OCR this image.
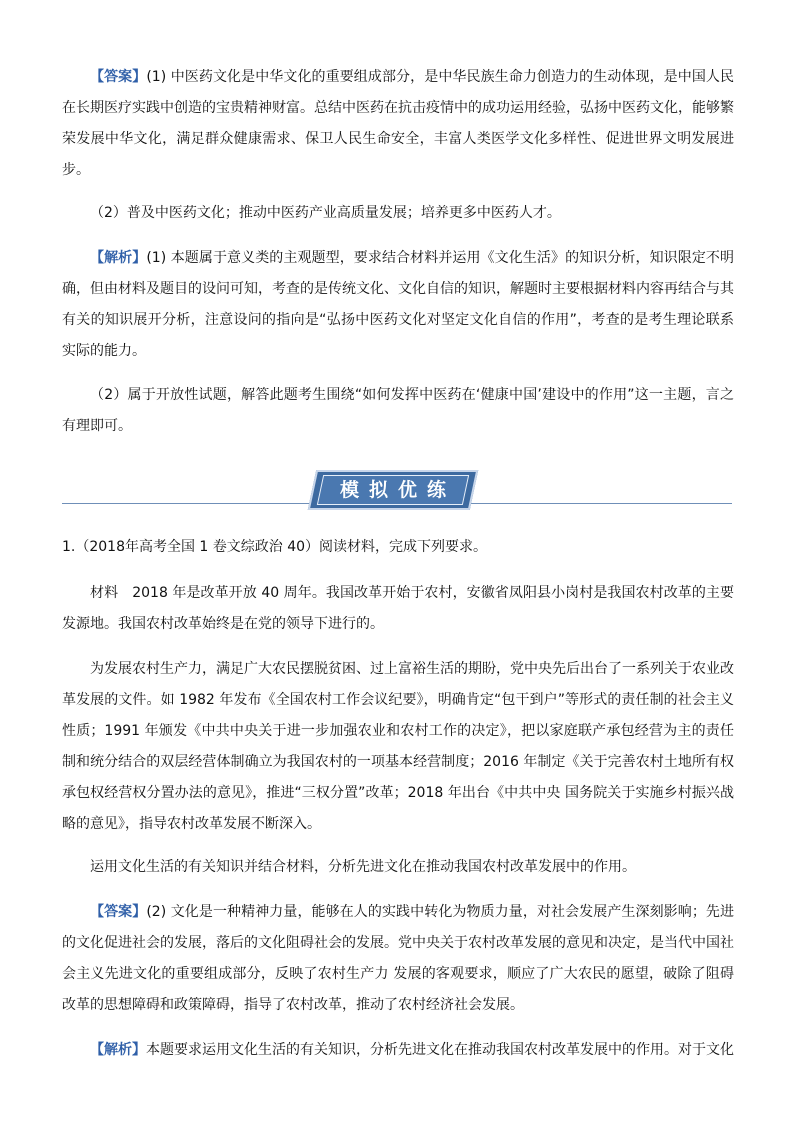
【答案】(1) 中医药文化是中华文化的重要组成部分，是中华民族生命力创造力的生动体现，是中国人民在长期医疗实践中创造的宝贵精神财富。总结中医药在抗击疫情中的成功运用经验，弘扬中医药文化，能够繁荣发展中华文化，满足群众健康需求、保卫人民生命安全，丰富人类医学文化多样性、促进世界文明发展进步。

（2）普及中医药文化；推动中医药产业高质量发展；培养更多中医药人才。

【解析】(1) 本题属于意义类的主观题型，要求结合材料并运用《文化生活》的知识分析，知识限定不明确，但由材料及题目的设问可知，考查的是传统文化、文化自信的知识，解题时主要根据材料内容再结合与其有关的知识展开分析，注意设问的指向是“弘扬中医药文化对坚定文化自信的作用”，考查的是考生理论联系实际的能力。

（2）属于开放性试题，解答此题考生围绕“如何发挥中医药在‘健康中国’建设中的作用”这一主题，言之有理即可。

模拟优练

1.（2018年高考全国 1 卷文综政治 40）阅读材料，完成下列要求。

材料　2018 年是改革开放 40 周年。我国改革开始于农村，安徽省凤阳县小岗村是我国农村改革的主要发源地。我国农村改革始终是在党的领导下进行的。

为发展农村生产力，满足广大农民摆脱贫困、过上富裕生活的期盼，党中央先后出台了一系列关于农业改革发展的文件。如 1982 年发布《全国农村工作会议纪要》，明确肯定“包干到户”等形式的责任制的社会主义性质；1991 年颁发《中共中央关于进一步加强农业和农村工作的决定》，把以家庭联产承包经营为主的责任制和统分结合的双层经营体制确立为我国农村的一项基本经营制度；2016 年制定《关于完善农村土地所有权承包权经营权分置办法的意见》，推进“三权分置”改革；2018 年出台《中共中央 国务院关于实施乡村振兴战略的意见》，指导农村改革发展不断深入。

运用文化生活的有关知识并结合材料，分析先进文化在推动我国农村改革发展中的作用。

【答案】(2) 文化是一种精神力量，能够在人的实践中转化为物质力量，对社会发展产生深刻影响；先进的文化促进社会的发展，落后的文化阻碍社会的发展。党中央关于农村改革发展的意见和决定，是当代中国社会主义先进文化的重要组成部分，反映了农村生产力 发展的客观要求，顺应了广大农民的愿望，破除了阻碍改革的思想障碍和政策障碍，指导了农村改革，推动了农村经济社会发展。

【解析】本题要求运用文化生活的有关知识，分析先进文化在推动我国农村改革发展中的作用。对于文化
